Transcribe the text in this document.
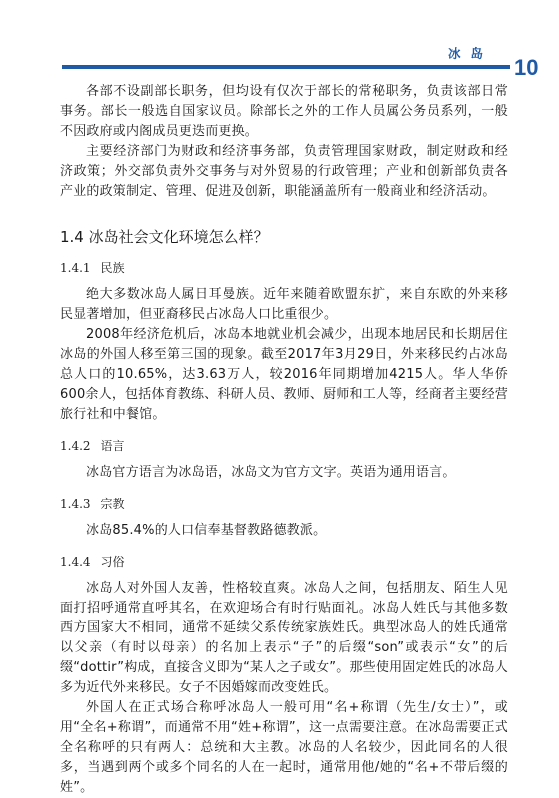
冰岛
10

各部不设副部长职务，但均设有仅次于部长的常秘职务，负责该部日常事务。部长一般选自国家议员。除部长之外的工作人员属公务员系列，一般不因政府或内阁成员更迭而更换。

主要经济部门为财政和经济事务部，负责管理国家财政，制定财政和经济政策；外交部负责外交事务与对外贸易的行政管理；产业和创新部负责各产业的政策制定、管理、促进及创新，职能涵盖所有一般商业和经济活动。

1.4 冰岛社会文化环境怎么样？
1.4.1 民族

绝大多数冰岛人属日耳曼族。近年来随着欧盟东扩，来自东欧的外来移民显著增加，但亚裔移民占冰岛人口比重很少。

2008年经济危机后，冰岛本地就业机会减少，出现本地居民和长期居住冰岛的外国人移至第三国的现象。截至2017年3月29日，外来移民约占冰岛总人口的10.65%，达3.63万人，较2016年同期增加4215人。华人华侨600余人，包括体育教练、科研人员、教师、厨师和工人等，经商者主要经营旅行社和中餐馆。

1.4.2 语言

冰岛官方语言为冰岛语，冰岛文为官方文字。英语为通用语言。

1.4.3 宗教

冰岛85.4%的人口信奉基督教路德教派。

1.4.4 习俗

冰岛人对外国人友善，性格较直爽。冰岛人之间，包括朋友、陌生人见面打招呼通常直呼其名，在欢迎场合有时行贴面礼。冰岛人姓氏与其他多数西方国家大不相同，通常不延续父系传统家族姓氏。典型冰岛人的姓氏通常以父亲（有时以母亲）的名加上表示“子”的后缀“son”或表示“女”的后缀“dottir”构成，直接含义即为“某人之子或女”。那些使用固定姓氏的冰岛人多为近代外来移民。女子不因婚嫁而改变姓氏。

外国人在正式场合称呼冰岛人一般可用“名+称谓（先生/女士）”，或用“全名+称谓”，而通常不用“姓+称谓”，这一点需要注意。在冰岛需要正式全名称呼的只有两人：总统和大主教。冰岛的人名较少，因此同名的人很多，当遇到两个或多个同名的人在一起时，通常用他/她的“名+不带后缀的姓”。
